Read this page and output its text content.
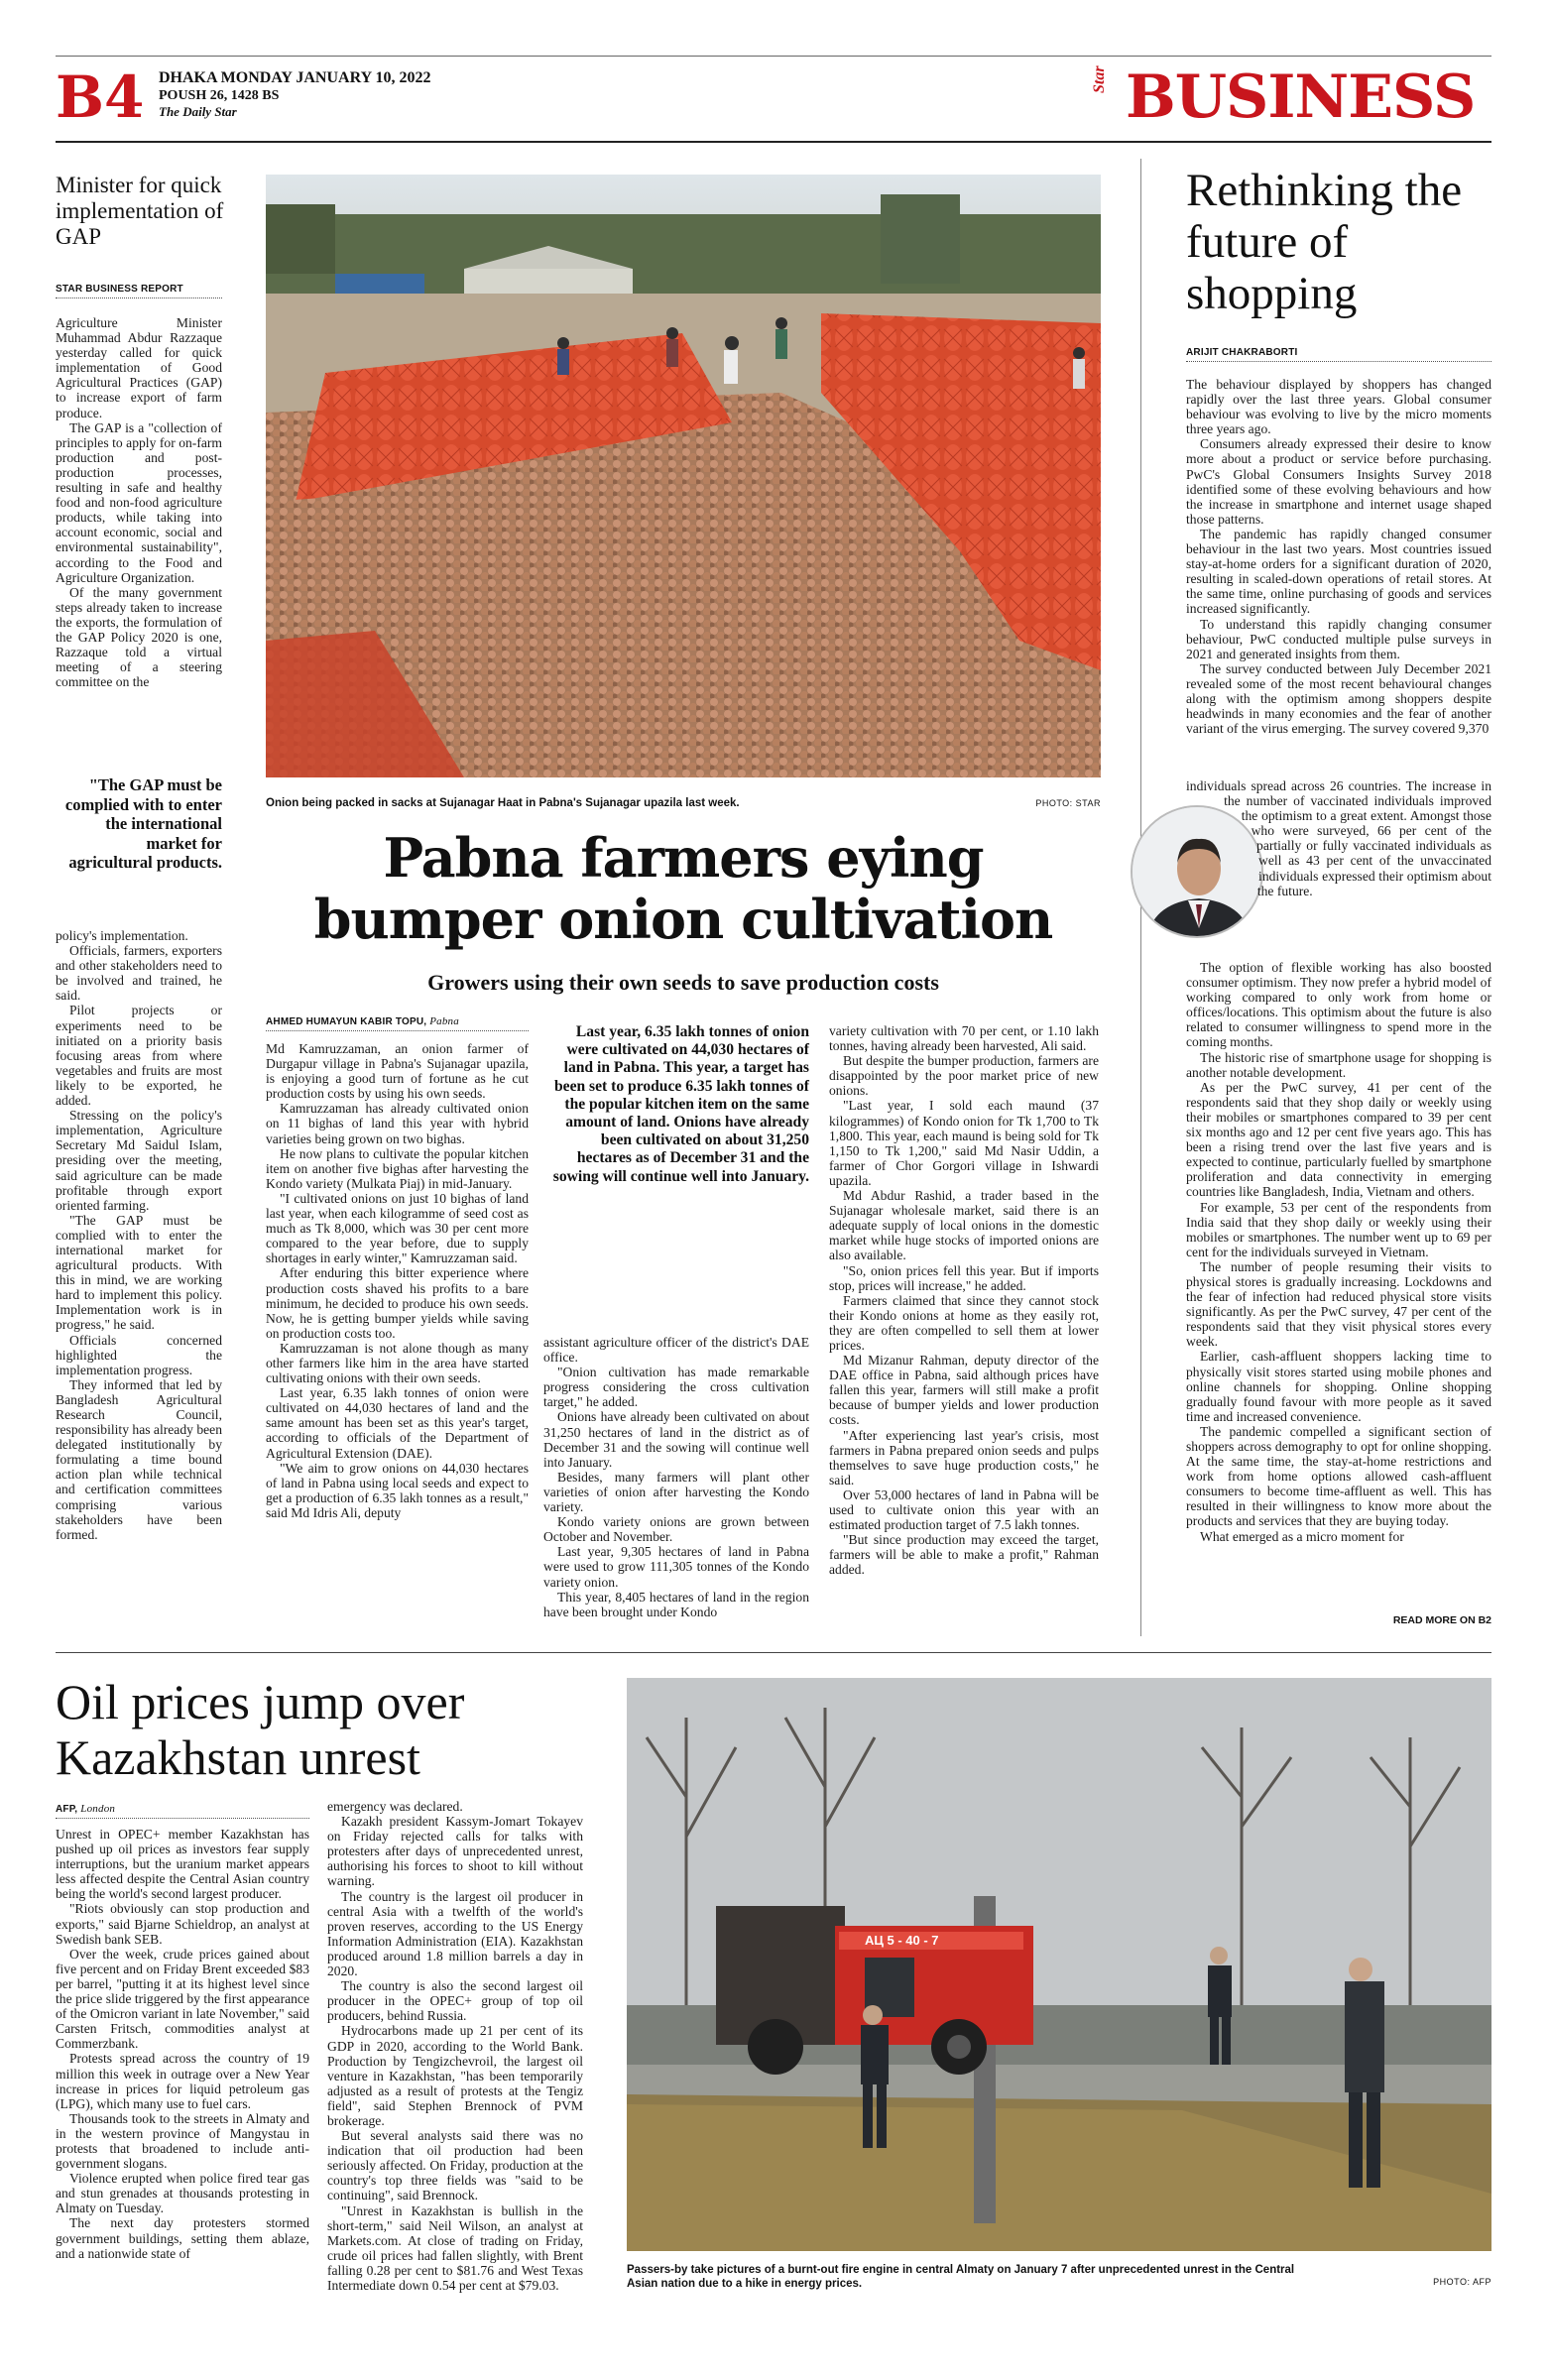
B4 DHAKA MONDAY JANUARY 10, 2022
POUSH 26, 1428 BS
The Daily Star
Star BUSINESS
Minister for quick implementation of GAP
STAR BUSINESS REPORT

Agriculture Minister Muhammad Abdur Razzaque yesterday called for quick implementation of Good Agricultural Practices (GAP) to increase export of farm produce.

The GAP is a "collection of principles to apply for on-farm production and post-production processes, resulting in safe and healthy food and non-food agriculture products, while taking into account economic, social and environmental sustainability", according to the Food and Agriculture Organization.

Of the many government steps already taken to increase the exports, the formulation of the GAP Policy 2020 is one, Razzaque told a virtual meeting of a steering committee on the

"The GAP must be complied with to enter the international market for agricultural products.

policy's implementation.

Officials, farmers, exporters and other stakeholders need to be involved and trained, he said.

Pilot projects or experiments need to be initiated on a priority basis focusing areas from where vegetables and fruits are most likely to be exported, he added.

Stressing on the policy's implementation, Agriculture Secretary Md Saidul Islam, presiding over the meeting, said agriculture can be made profitable through export oriented farming.

"The GAP must be complied with to enter the international market for agricultural products. With this in mind, we are working hard to implement this policy. Implementation work is in progress," he said.

Officials concerned highlighted the implementation progress.

They informed that led by Bangladesh Agricultural Research Council, responsibility has already been delegated institutionally by formulating a time bound action plan while technical and certification committees comprising various stakeholders have been formed.

Onion being packed in sacks at Sujanagar Haat in Pabna's Sujanagar upazila last week.	PHOTO: STAR
Pabna farmers eying
bumper onion cultivation
Growers using their own seeds to save production costs
AHMED HUMAYUN KABIR TOPU, Pabna

Md Kamruzzaman, an onion farmer of Durgapur village in Pabna's Sujanagar upazila, is enjoying a good turn of fortune as he cut production costs by using his own seeds.

Kamruzzaman has already cultivated onion on 11 bighas of land this year with hybrid varieties being grown on two bighas.

He now plans to cultivate the popular kitchen item on another five bighas after harvesting the Kondo variety (Mulkata Piaj) in mid-January.

"I cultivated onions on just 10 bighas of land last year, when each kilogramme of seed cost as much as Tk 8,000, which was 30 per cent more compared to the year before, due to supply shortages in early winter," Kamruzzaman said.

After enduring this bitter experience where production costs shaved his profits to a bare minimum, he decided to produce his own seeds. Now, he is getting bumper yields while saving on production costs too.

Kamruzzaman is not alone though as many other farmers like him in the area have started cultivating onions with their own seeds.

Last year, 6.35 lakh tonnes of onion were cultivated on 44,030 hectares of land and the same amount has been set as this year's target, according to officials of the Department of Agricultural Extension (DAE).

"We aim to grow onions on 44,030 hectares of land in Pabna using local seeds and expect to get a production of 6.35 lakh tonnes as a result," said Md Idris Ali, deputy

Last year, 6.35 lakh tonnes of onion were cultivated on 44,030 hectares of land in Pabna. This year, a target has been set to produce 6.35 lakh tonnes of the popular kitchen item on the same amount of land. Onions have already been cultivated on about 31,250 hectares as of December 31 and the sowing will continue well into January.

assistant agriculture officer of the district's DAE office.

"Onion cultivation has made remarkable progress considering the cross cultivation target," he added.

Onions have already been cultivated on about 31,250 hectares of land in the district as of December 31 and the sowing will continue well into January.

Besides, many farmers will plant other varieties of onion after harvesting the Kondo variety.

Kondo variety onions are grown between October and November.

Last year, 9,305 hectares of land in Pabna were used to grow 111,305 tonnes of the Kondo variety onion.

This year, 8,405 hectares of land in the region have been brought under Kondo

variety cultivation with 70 per cent, or 1.10 lakh tonnes, having already been harvested, Ali said.

But despite the bumper production, farmers are disappointed by the poor market price of new onions.

"Last year, I sold each maund (37 kilogrammes) of Kondo onion for Tk 1,700 to Tk 1,800. This year, each maund is being sold for Tk 1,150 to Tk 1,200," said Md Nasir Uddin, a farmer of Chor Gorgori village in Ishwardi upazila.

Md Abdur Rashid, a trader based in the Sujanagar wholesale market, said there is an adequate supply of local onions in the domestic market while huge stocks of imported onions are also available.

"So, onion prices fell this year. But if imports stop, prices will increase," he added.

Farmers claimed that since they cannot stock their Kondo onions at home as they easily rot, they are often compelled to sell them at lower prices.

Md Mizanur Rahman, deputy director of the DAE office in Pabna, said although prices have fallen this year, farmers will still make a profit because of bumper yields and lower production costs.

"After experiencing last year's crisis, most farmers in Pabna prepared onion seeds and pulps themselves to save huge production costs," he said.

Over 53,000 hectares of land in Pabna will be used to cultivate onion this year with an estimated production target of 7.5 lakh tonnes.

"But since production may exceed the target, farmers will be able to make a profit," Rahman added.

Rethinking the future of shopping
ARIJIT CHAKRABORTI

The behaviour displayed by shoppers has changed rapidly over the last three years. Global consumer behaviour was evolving to live by the micro moments three years ago.

Consumers already expressed their desire to know more about a product or service before purchasing. PwC's Global Consumers Insights Survey 2018 identified some of these evolving behaviours and how the increase in smartphone and internet usage shaped those patterns.

The pandemic has rapidly changed consumer behaviour in the last two years. Most countries issued stay-at-home orders for a significant duration of 2020, resulting in scaled-down operations of retail stores. At the same time, online purchasing of goods and services increased significantly.

To understand this rapidly changing consumer behaviour, PwC conducted multiple pulse surveys in 2021 and generated insights from them.

The survey conducted between July December 2021 revealed some of the most recent behavioural changes along with the optimism among shoppers despite headwinds in many economies and the fear of another variant of the virus emerging. The survey covered 9,370

individuals spread across 26 countries. The increase in the number of vaccinated individuals improved the optimism to a great extent. Amongst those who were surveyed, 66 per cent of the partially or fully vaccinated individuals as well as 43 per cent of the unvaccinated individuals expressed their optimism about the future.

The option of flexible working has also boosted consumer optimism. They now prefer a hybrid model of working compared to only work from home or offices/locations. This optimism about the future is also related to consumer willingness to spend more in the coming months.

The historic rise of smartphone usage for shopping is another notable development.

As per the PwC survey, 41 per cent of the respondents said that they shop daily or weekly using their mobiles or smartphones compared to 39 per cent six months ago and 12 per cent five years ago. This has been a rising trend over the last five years and is expected to continue, particularly fuelled by smartphone proliferation and data connectivity in emerging countries like Bangladesh, India, Vietnam and others.

For example, 53 per cent of the respondents from India said that they shop daily or weekly using their mobiles or smartphones. The number went up to 69 per cent for the individuals surveyed in Vietnam.

The number of people resuming their visits to physical stores is gradually increasing. Lockdowns and the fear of infection had reduced physical store visits significantly. As per the PwC survey, 47 per cent of the respondents said that they visit physical stores every week.

Earlier, cash-affluent shoppers lacking time to physically visit stores started using mobile phones and online channels for shopping. Online shopping gradually found favour with more people as it saved time and increased convenience.

The pandemic compelled a significant section of shoppers across demography to opt for online shopping. At the same time, the stay-at-home restrictions and work from home options allowed cash-affluent consumers to become time-affluent as well. This has resulted in their willingness to know more about the products and services that they are buying today.

What emerged as a micro moment for

READ MORE ON B2
Oil prices jump over Kazakhstan unrest
AFP, London

Unrest in OPEC+ member Kazakhstan has pushed up oil prices as investors fear supply interruptions, but the uranium market appears less affected despite the Central Asian country being the world's second largest producer.

"Riots obviously can stop production and exports," said Bjarne Schieldrop, an analyst at Swedish bank SEB.

Over the week, crude prices gained about five percent and on Friday Brent exceeded $83 per barrel, "putting it at its highest level since the price slide triggered by the first appearance of the Omicron variant in late November," said Carsten Fritsch, commodities analyst at Commerzbank.

Protests spread across the country of 19 million this week in outrage over a New Year increase in prices for liquid petroleum gas (LPG), which many use to fuel cars.

Thousands took to the streets in Almaty and in the western province of Mangystau in protests that broadened to include anti-government slogans.

Violence erupted when police fired tear gas and stun grenades at thousands protesting in Almaty on Tuesday.

The next day protesters stormed government buildings, setting them ablaze, and a nationwide state of

emergency was declared.

Kazakh president Kassym-Jomart Tokayev on Friday rejected calls for talks with protesters after days of unprecedented unrest, authorising his forces to shoot to kill without warning.

The country is the largest oil producer in central Asia with a twelfth of the world's proven reserves, according to the US Energy Information Administration (EIA). Kazakhstan produced around 1.8 million barrels a day in 2020.

The country is also the second largest oil producer in the OPEC+ group of top oil producers, behind Russia.

Hydrocarbons made up 21 per cent of its GDP in 2020, according to the World Bank. Production by Tengizchevroil, the largest oil venture in Kazakhstan, "has been temporarily adjusted as a result of protests at the Tengiz field", said Stephen Brennock of PVM brokerage.

But several analysts said there was no indication that oil production had been seriously affected. On Friday, production at the country's top three fields was "said to be continuing", said Brennock.

"Unrest in Kazakhstan is bullish in the short-term," said Neil Wilson, an analyst at Markets.com. At close of trading on Friday, crude oil prices had fallen slightly, with Brent falling 0.28 per cent to $81.76 and West Texas Intermediate down 0.54 per cent at $79.03.

АЦ 5 - 40 - 7
Passers-by take pictures of a burnt-out fire engine in central Almaty on January 7 after unprecedented unrest in the Central Asian nation due to a hike in energy prices.	PHOTO: AFP
